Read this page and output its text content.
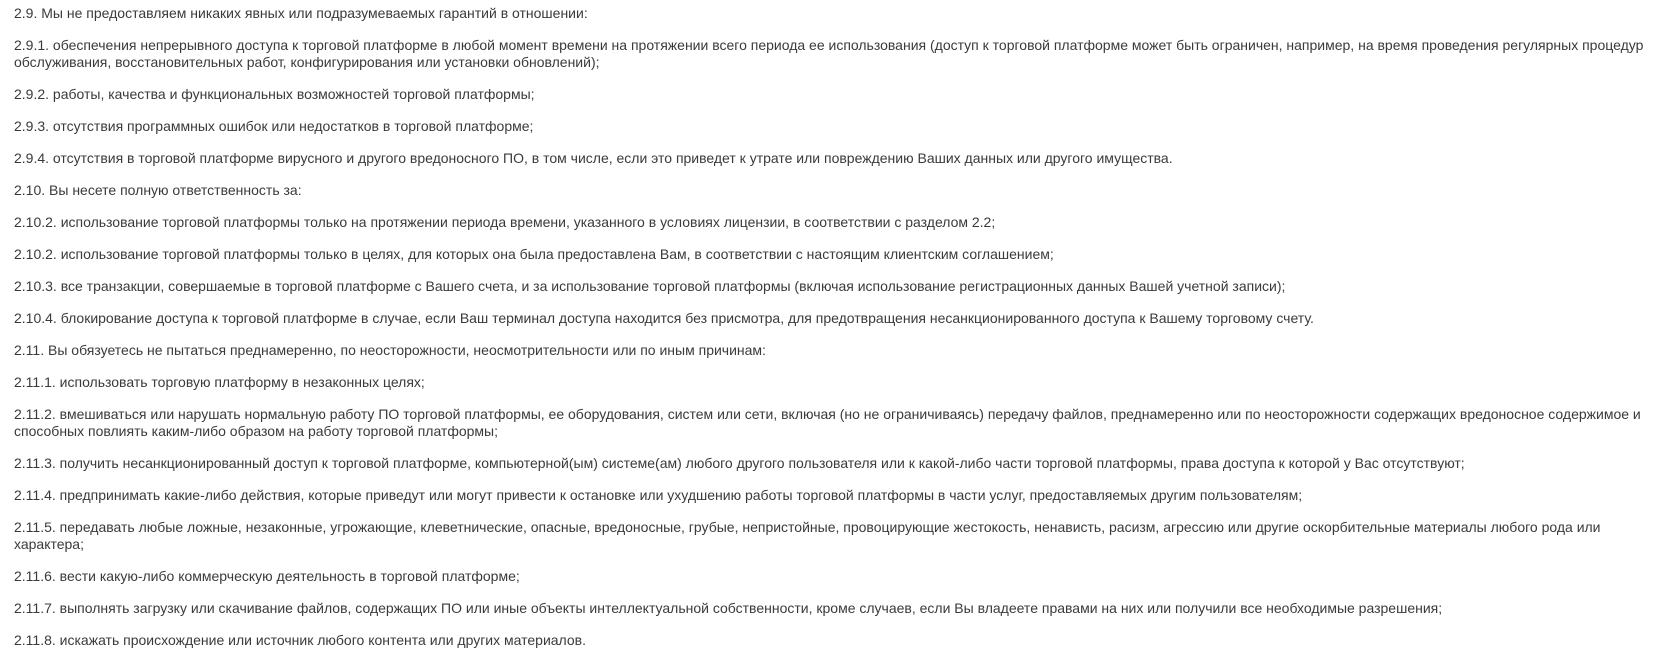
2.9. Мы не предоставляем никаких явных или подразумеваемых гарантий в отношении:

2.9.1. обеспечения непрерывного доступа к торговой платформе в любой момент времени на протяжении всего периода ее использования (доступ к торговой платформе может быть ограничен, например, на время проведения регулярных процедур обслуживания, восстановительных работ, конфигурирования или установки обновлений);

2.9.2. работы, качества и функциональных возможностей торговой платформы;

2.9.3. отсутствия программных ошибок или недостатков в торговой платформе;

2.9.4. отсутствия в торговой платформе вирусного и другого вредоносного ПО, в том числе, если это приведет к утрате или повреждению Ваших данных или другого имущества.

2.10. Вы несете полную ответственность за:

2.10.2. использование торговой платформы только на протяжении периода времени, указанного в условиях лицензии, в соответствии с разделом 2.2;

2.10.2. использование торговой платформы только в целях, для которых она была предоставлена Вам, в соответствии с настоящим клиентским соглашением;

2.10.3. все транзакции, совершаемые в торговой платформе с Вашего счета, и за использование торговой платформы (включая использование регистрационных данных Вашей учетной записи);

2.10.4. блокирование доступа к торговой платформе в случае, если Ваш терминал доступа находится без присмотра, для предотвращения несанкционированного доступа к Вашему торговому счету.

2.11. Вы обязуетесь не пытаться преднамеренно, по неосторожности, неосмотрительности или по иным причинам:

2.11.1. использовать торговую платформу в незаконных целях;

2.11.2. вмешиваться или нарушать нормальную работу ПО торговой платформы, ее оборудования, систем или сети, включая (но не ограничиваясь) передачу файлов, преднамеренно или по неосторожности содержащих вредоносное содержимое и способных повлиять каким-либо образом на работу торговой платформы;

2.11.3. получить несанкционированный доступ к торговой платформе, компьютерной(ым) системе(ам) любого другого пользователя или к какой-либо части торговой платформы, права доступа к которой у Вас отсутствуют;

2.11.4. предпринимать какие-либо действия, которые приведут или могут привести к остановке или ухудшению работы торговой платформы в части услуг, предоставляемых другим пользователям;

2.11.5. передавать любые ложные, незаконные, угрожающие, клеветнические, опасные, вредоносные, грубые, непристойные, провоцирующие жестокость, ненависть, расизм, агрессию или другие оскорбительные материалы любого рода или характера;

2.11.6. вести какую-либо коммерческую деятельность в торговой платформе;

2.11.7. выполнять загрузку или скачивание файлов, содержащих ПО или иные объекты интеллектуальной собственности, кроме случаев, если Вы владеете правами на них или получили все необходимые разрешения;

2.11.8. искажать происхождение или источник любого контента или других материалов.
